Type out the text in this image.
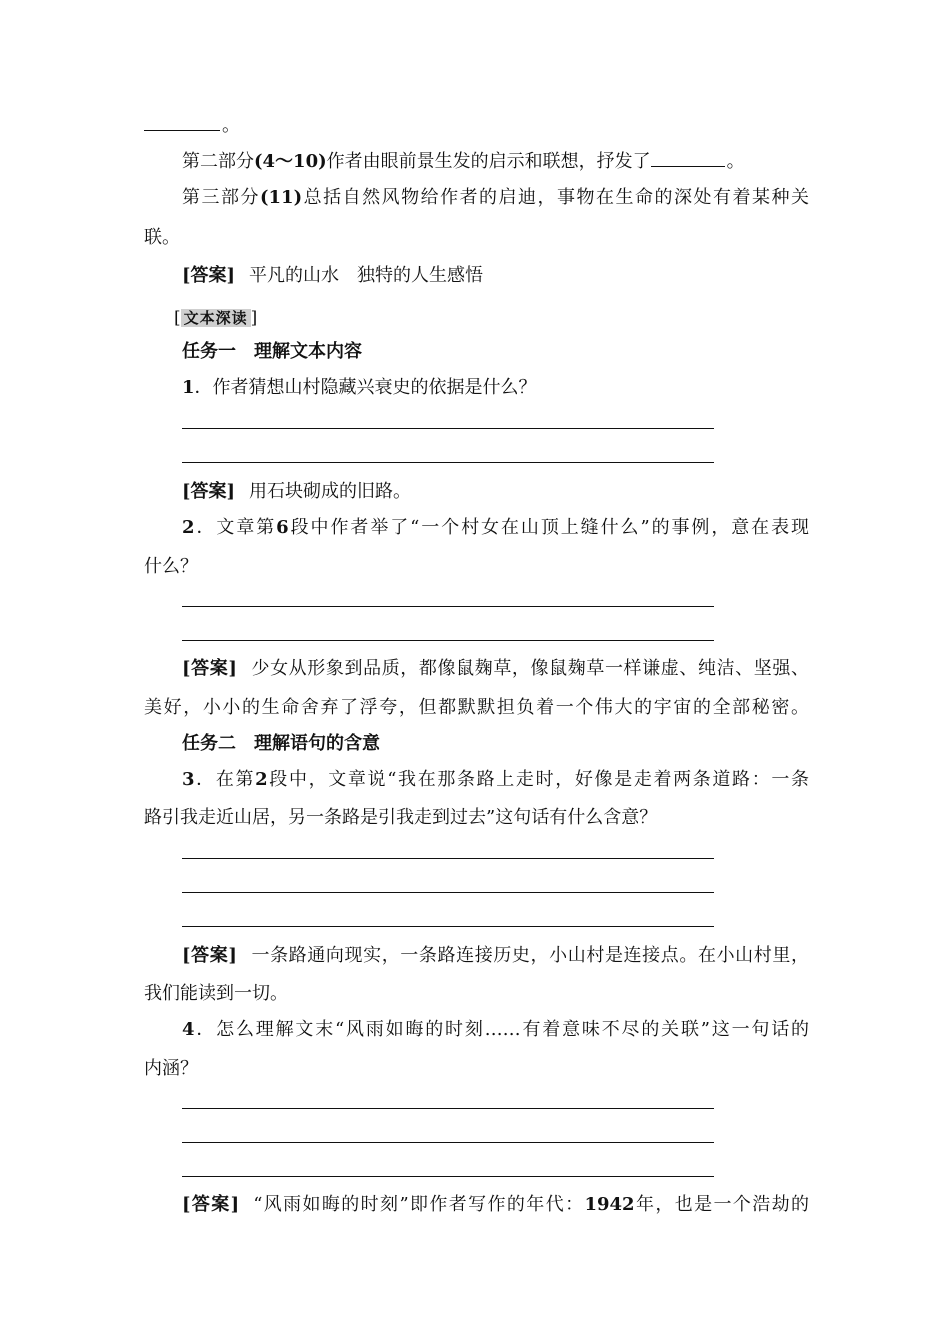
。
第二部分(4～10)作者由眼前景生发的启示和联想，抒发了	。
第三部分(11)总括自然风物给作者的启迪，事物在生命的深处有着某种关
联。
[答案] 平凡的山水　独特的人生感悟
[ 文本深读 ]
任务一 理解文本内容
1．作者猜想山村隐藏兴衰史的依据是什么？
[答案] 用石块砌成的旧路。
2．文章第6段中作者举了“一个村女在山顶上缝什么”的事例，意在表现
什么？
[答案] 少女从形象到品质，都像鼠麹草，像鼠麹草一样谦虚、纯洁、坚强、
美好，小小的生命舍弃了浮夸，但都默默担负着一个伟大的宇宙的全部秘密。
任务二 理解语句的含意
3．在第2段中，文章说“我在那条路上走时，好像是走着两条道路：一条
路引我走近山居，另一条路是引我走到过去”这句话有什么含意？
[答案] 一条路通向现实，一条路连接历史，小山村是连接点。在小山村里，
我们能读到一切。
4．怎么理解文末“风雨如晦的时刻……有着意味不尽的关联”这一句话的
内涵？
[答案] “风雨如晦的时刻”即作者写作的年代：1942年，也是一个浩劫的
